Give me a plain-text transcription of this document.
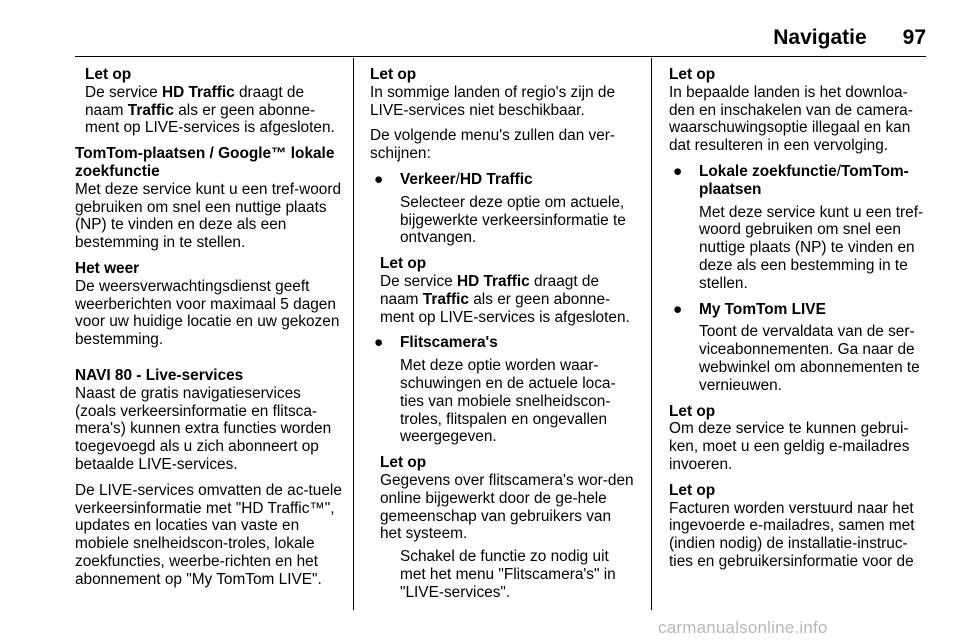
Navigatie 97
Let op
De service HD Traffic draagt de naam Traffic als er geen abonne-ment op LIVE-services is afgesloten.
TomTom-plaatsen / Google™ lokale zoekfunctie
Met deze service kunt u een tref-woord gebruiken om snel een nuttige plaats (NP) te vinden en deze als een bestemming in te stellen.
Het weer
De weersverwachtingsdienst geeft weerberichten voor maximaal 5 dagen voor uw huidige locatie en uw gekozen bestemming.
NAVI 80 - Live-services
Naast de gratis navigatieservices (zoals verkeersinformatie en flitsca-mera's) kunnen extra functies worden toegevoegd als u zich abonneert op betaalde LIVE-services.
De LIVE-services omvatten de ac-tuele verkeersinformatie met "HD Traffic™", updates en locaties van vaste en mobiele snelheidscon-troles, lokale zoekfuncties, weerbe-richten en het abonnement op "My TomTom LIVE".
Let op
In sommige landen of regio's zijn de LIVE-services niet beschikbaar.
De volgende menu's zullen dan ver-schijnen:
●	Verkeer/HD Traffic
Selecteer deze optie om actuele, bijgewerkte verkeersinformatie te ontvangen.
Let op
De service HD Traffic draagt de naam Traffic als er geen abonne-ment op LIVE-services is afgesloten.
●	Flitscamera's
Met deze optie worden waar-schuwingen en de actuele loca-ties van mobiele snelheidscon-troles, flitspalen en ongevallen weergegeven.
Let op
Gegevens over flitscamera's wor-den online bijgewerkt door de ge-hele gemeenschap van gebruikers van het systeem.
Schakel de functie zo nodig uit met het menu "Flitscamera's" in "LIVE-services".
Let op
In bepaalde landen is het downloa-den en inschakelen van de camera-waarschuwingsoptie illegaal en kan dat resulteren in een vervolging.
●	Lokale zoekfunctie/TomTom-plaatsen
Met deze service kunt u een tref-woord gebruiken om snel een nuttige plaats (NP) te vinden en deze als een bestemming in te stellen.
●	My TomTom LIVE
Toont de vervaldata van de ser-viceabonnementen. Ga naar de webwinkel om abonnementen te vernieuwen.
Let op
Om deze service te kunnen gebrui-ken, moet u een geldig e-mailadres invoeren.
Let op
Facturen worden verstuurd naar het ingevoerde e-mailadres, samen met (indien nodig) de installatie-instruc-ties en gebruikersinformatie voor de
carmanualsonline.info
